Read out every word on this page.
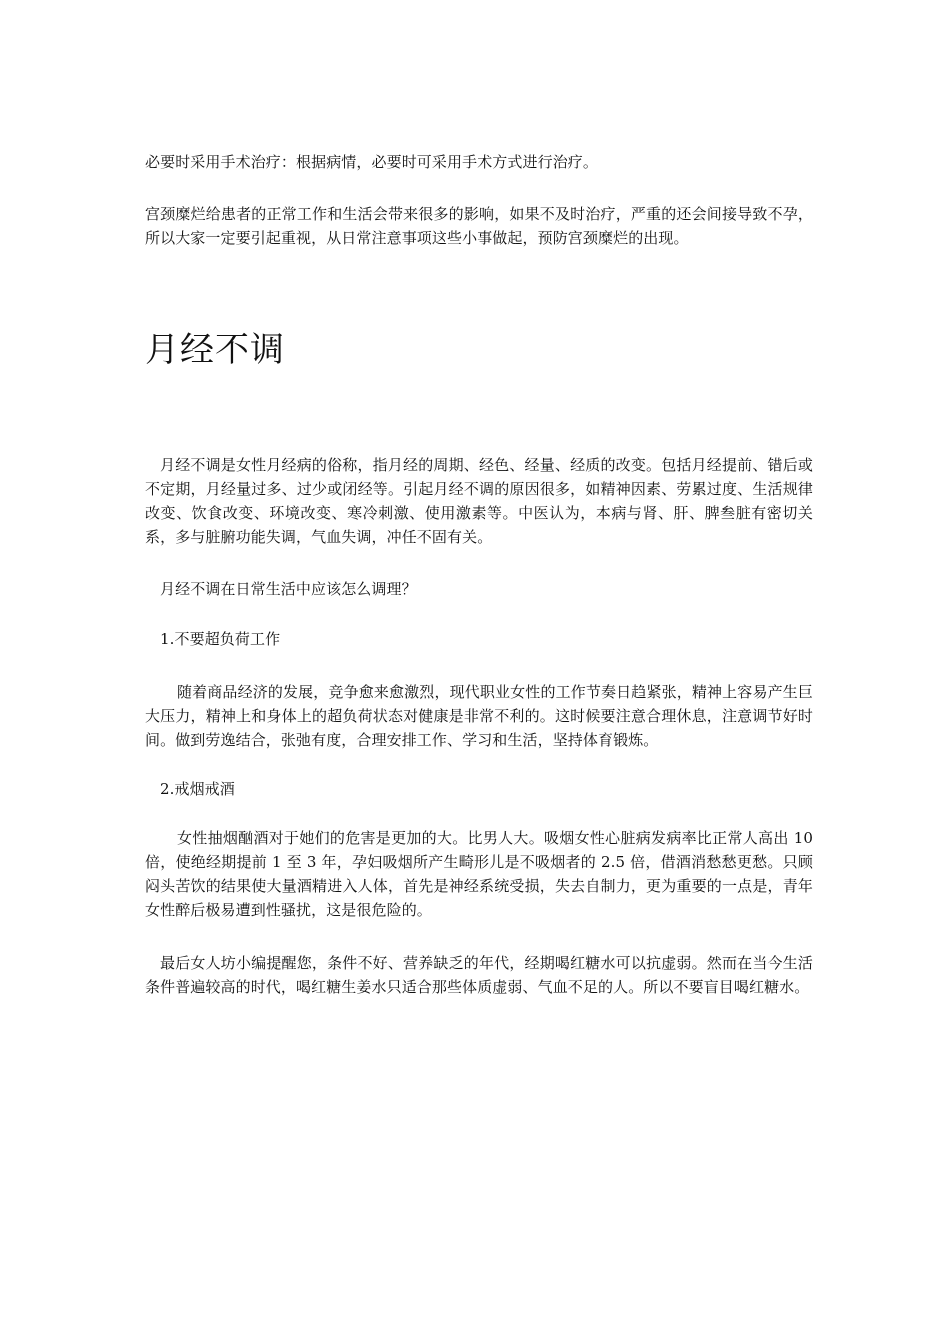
必要时采用手术治疗：根据病情，必要时可采用手术方式进行治疗。

宫颈糜烂给患者的正常工作和生活会带来很多的影响，如果不及时治疗，严重的还会间接导致不孕，所以大家一定要引起重视，从日常注意事项这些小事做起，预防宫颈糜烂的出现。

月经不调

月经不调是女性月经病的俗称，指月经的周期、经色、经量、经质的改变。包括月经提前、错后或不定期，月经量过多、过少或闭经等。引起月经不调的原因很多，如精神因素、劳累过度、生活规律改变、饮食改变、环境改变、寒冷刺激、使用激素等。中医认为，本病与肾、肝、脾叁脏有密切关系，多与脏腑功能失调，气血失调，冲任不固有关。

月经不调在日常生活中应该怎么调理？

1.不要超负荷工作

随着商品经济的发展，竞争愈来愈激烈，现代职业女性的工作节奏日趋紧张，精神上容易产生巨大压力，精神上和身体上的超负荷状态对健康是非常不利的。这时候要注意合理休息，注意调节好时间。做到劳逸结合，张弛有度，合理安排工作、学习和生活，坚持体育锻炼。

2.戒烟戒酒

女性抽烟酗酒对于她们的危害是更加的大。比男人大。吸烟女性心脏病发病率比正常人高出 10 倍，使绝经期提前 1 至 3 年，孕妇吸烟所产生畸形儿是不吸烟者的 2.5 倍，借酒消愁愁更愁。只顾闷头苦饮的结果使大量酒精进入人体，首先是神经系统受损，失去自制力，更为重要的一点是，青年女性醉后极易遭到性骚扰，这是很危险的。

最后女人坊小编提醒您，条件不好、营养缺乏的年代，经期喝红糖水可以抗虚弱。然而在当今生活条件普遍较高的时代，喝红糖生姜水只适合那些体质虚弱、气血不足的人。所以不要盲目喝红糖水。
